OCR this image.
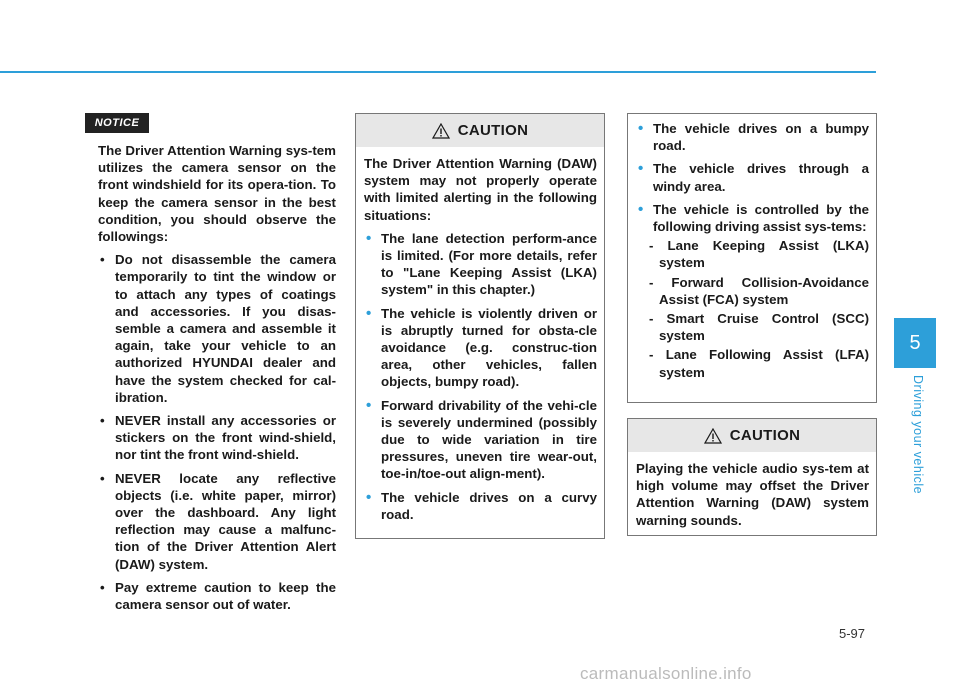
5
Driving your vehicle
NOTICE

The Driver Attention Warning sys-tem utilizes the camera sensor on the front windshield for its opera-tion. To keep the camera sensor in the best condition, you should observe the followings:

• Do not disassemble the camera temporarily to tint the window or to attach any types of coatings and accessories. If you disas-semble a camera and assemble it again, take your vehicle to an authorized HYUNDAI dealer and have the system checked for cal-ibration.
• NEVER install any accessories or stickers on the front wind-shield, nor tint the front wind-shield.
• NEVER locate any reflective objects (i.e. white paper, mirror) over the dashboard. Any light reflection may cause a malfunc-tion of the Driver Attention Alert (DAW) system.
• Pay extreme caution to keep the camera sensor out of water.
CAUTION

The Driver Attention Warning (DAW) system may not properly operate with limited alerting in the following situations:

• The lane detection perform-ance is limited. (For more details, refer to "Lane Keeping Assist (LKA) system" in this chapter.)
• The vehicle is violently driven or is abruptly turned for obsta-cle avoidance (e.g. construc-tion area, other vehicles, fallen objects, bumpy road).
• Forward drivability of the vehi-cle is severely undermined (possibly due to wide variation in tire pressures, uneven tire wear-out, toe-in/toe-out align-ment).
• The vehicle drives on a curvy road.
• The vehicle drives on a bumpy road.
• The vehicle drives through a windy area.
• The vehicle is controlled by the following driving assist sys-tems:
- Lane Keeping Assist (LKA) system
- Forward Collision-Avoidance Assist (FCA) system
- Smart Cruise Control (SCC) system
- Lane Following Assist (LFA) system
CAUTION

Playing the vehicle audio sys-tem at high volume may offset the Driver Attention Warning (DAW) system warning sounds.

5-97
carmanualsonline.info
